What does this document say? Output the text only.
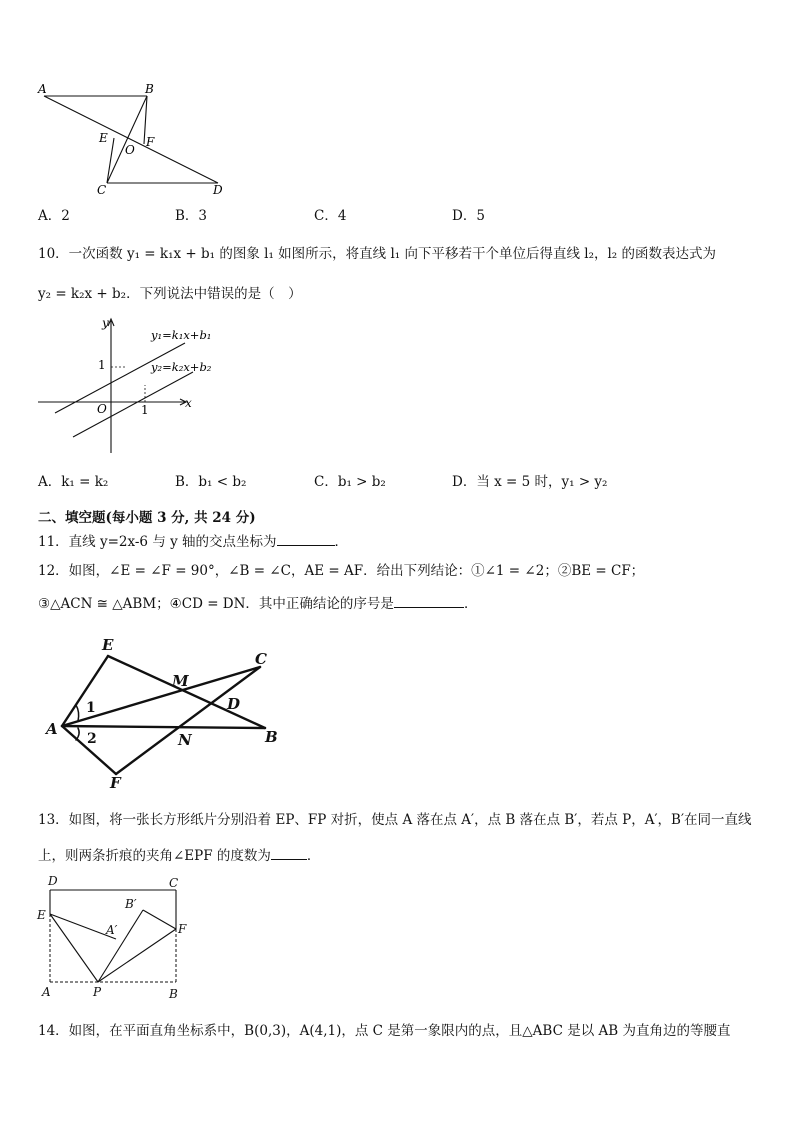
A	B
E
O
F
C	D
A．2	B．3	C．4	D．5
10．一次函数 y₁ = k₁x + b₁ 的图象 l₁ 如图所示，将直线 l₁ 向下平移若干个单位后得直线 l₂，l₂ 的函数表达式为
y₂ = k₂x + b₂．下列说法中错误的是（　）
y
x
O
1
1
y₁=k₁x+b₁
y₂=k₂x+b₂
A．k₁ = k₂	B．b₁ < b₂	C．b₁ > b₂	D．当 x = 5 时，y₁ > y₂
二、填空题(每小题 3 分, 共 24 分)
11．直线 y=2x-6 与 y 轴的交点坐标为	．
12．如图，∠E = ∠F = 90°，∠B = ∠C，AE = AF．给出下列结论：①∠1 = ∠2；②BE = CF；
③△ACN ≅ △ABM；④CD = DN．其中正确结论的序号是	．
E
C
M
D
A
N	B
F
1
2
13．如图，将一张长方形纸片分别沿着 EP、FP 对折，使点 A 落在点 A′，点 B 落在点 B′，若点 P，A′，B′在同一直线
上，则两条折痕的夹角∠EPF 的度数为	．
D	C
E
B′
A′	F
A	P	B
14．如图，在平面直角坐标系中，B(0,3)，A(4,1)，点 C 是第一象限内的点，且△ABC 是以 AB 为直角边的等腰直
